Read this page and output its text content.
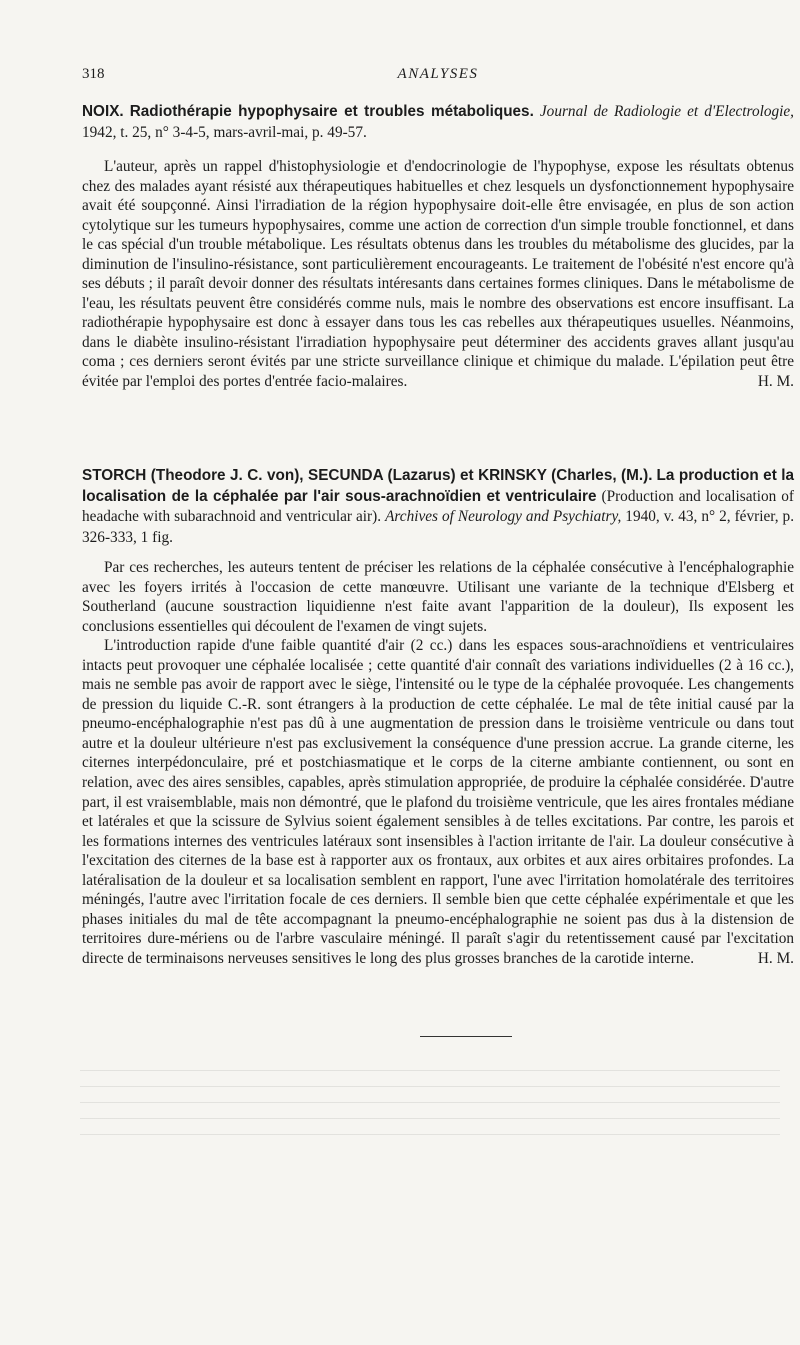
318	ANALYSES

NOIX. Radiothérapie hypophysaire et troubles métaboliques. Journal de Radiologie et d'Electrologie, 1942, t. 25, n° 3-4-5, mars-avril-mai, p. 49-57.

L'auteur, après un rappel d'histophysiologie et d'endocrinologie de l'hypophyse, expose les résultats obtenus chez des malades ayant résisté aux thérapeutiques habituelles et chez lesquels un dysfonctionnement hypophysaire avait été soupçonné. Ainsi l'irradiation de la région hypophysaire doit-elle être envisagée, en plus de son action cytolytique sur les tumeurs hypophysaires, comme une action de correction d'un simple trouble fonctionnel, et dans le cas spécial d'un trouble métabolique. Les résultats obtenus dans les troubles du métabolisme des glucides, par la diminution de l'insulino-résistance, sont particulièrement encourageants. Le traitement de l'obésité n'est encore qu'à ses débuts ; il paraît devoir donner des résultats intéresants dans certaines formes cliniques. Dans le métabolisme de l'eau, les résultats peuvent être considérés comme nuls, mais le nombre des observations est encore insuffisant. La radiothérapie hypophysaire est donc à essayer dans tous les cas rebelles aux thérapeutiques usuelles. Néanmoins, dans le diabète insulino-résistant l'irradiation hypophysaire peut déterminer des accidents graves allant jusqu'au coma ; ces derniers seront évités par une stricte surveillance clinique et chimique du malade. L'épilation peut être évitée par l'emploi des portes d'entrée facio-malaires.	H. M.

STORCH (Theodore J. C. von), SECUNDA (Lazarus) et KRINSKY (Charles, (M.). La production et la localisation de la céphalée par l'air sous-arachnoïdien et ventriculaire (Production and localisation of headache with subarachnoid and ventricular air). Archives of Neurology and Psychiatry, 1940, v. 43, n° 2, février, p. 326-333, 1 fig.

Par ces recherches, les auteurs tentent de préciser les relations de la céphalée consécutive à l'encéphalographie avec les foyers irrités à l'occasion de cette manœuvre. Utilisant une variante de la technique d'Elsberg et Southerland (aucune soustraction liquidienne n'est faite avant l'apparition de la douleur), Ils exposent les conclusions essentielles qui découlent de l'examen de vingt sujets.

L'introduction rapide d'une faible quantité d'air (2 cc.) dans les espaces sous-arachnoïdiens et ventriculaires intacts peut provoquer une céphalée localisée ; cette quantité d'air connaît des variations individuelles (2 à 16 cc.), mais ne semble pas avoir de rapport avec le siège, l'intensité ou le type de la céphalée provoquée. Les changements de pression du liquide C.-R. sont étrangers à la production de cette céphalée. Le mal de tête initial causé par la pneumo-encéphalographie n'est pas dû à une augmentation de pression dans le troisième ventricule ou dans tout autre et la douleur ultérieure n'est pas exclusivement la conséquence d'une pression accrue. La grande citerne, les citernes interpédonculaire, pré et postchiasmatique et le corps de la citerne ambiante contiennent, ou sont en relation, avec des aires sensibles, capables, après stimulation appropriée, de produire la céphalée considérée. D'autre part, il est vraisemblable, mais non démontré, que le plafond du troisième ventricule, que les aires frontales médiane et latérales et que la scissure de Sylvius soient également sensibles à de telles excitations. Par contre, les parois et les formations internes des ventricules latéraux sont insensibles à l'action irritante de l'air. La douleur consécutive à l'excitation des citernes de la base est à rapporter aux os frontaux, aux orbites et aux aires orbitaires profondes. La latéralisation de la douleur et sa localisation semblent en rapport, l'une avec l'irritation homolatérale des territoires méningés, l'autre avec l'irritation focale de ces derniers. Il semble bien que cette céphalée expérimentale et que les phases initiales du mal de tête accompagnant la pneumo-encéphalographie ne soient pas dus à la distension de territoires dure-mériens ou de l'arbre vasculaire méningé. Il paraît s'agir du retentissement causé par l'excitation directe de terminaisons nerveuses sensitives le long des plus grosses branches de la carotide interne.	H. M.
